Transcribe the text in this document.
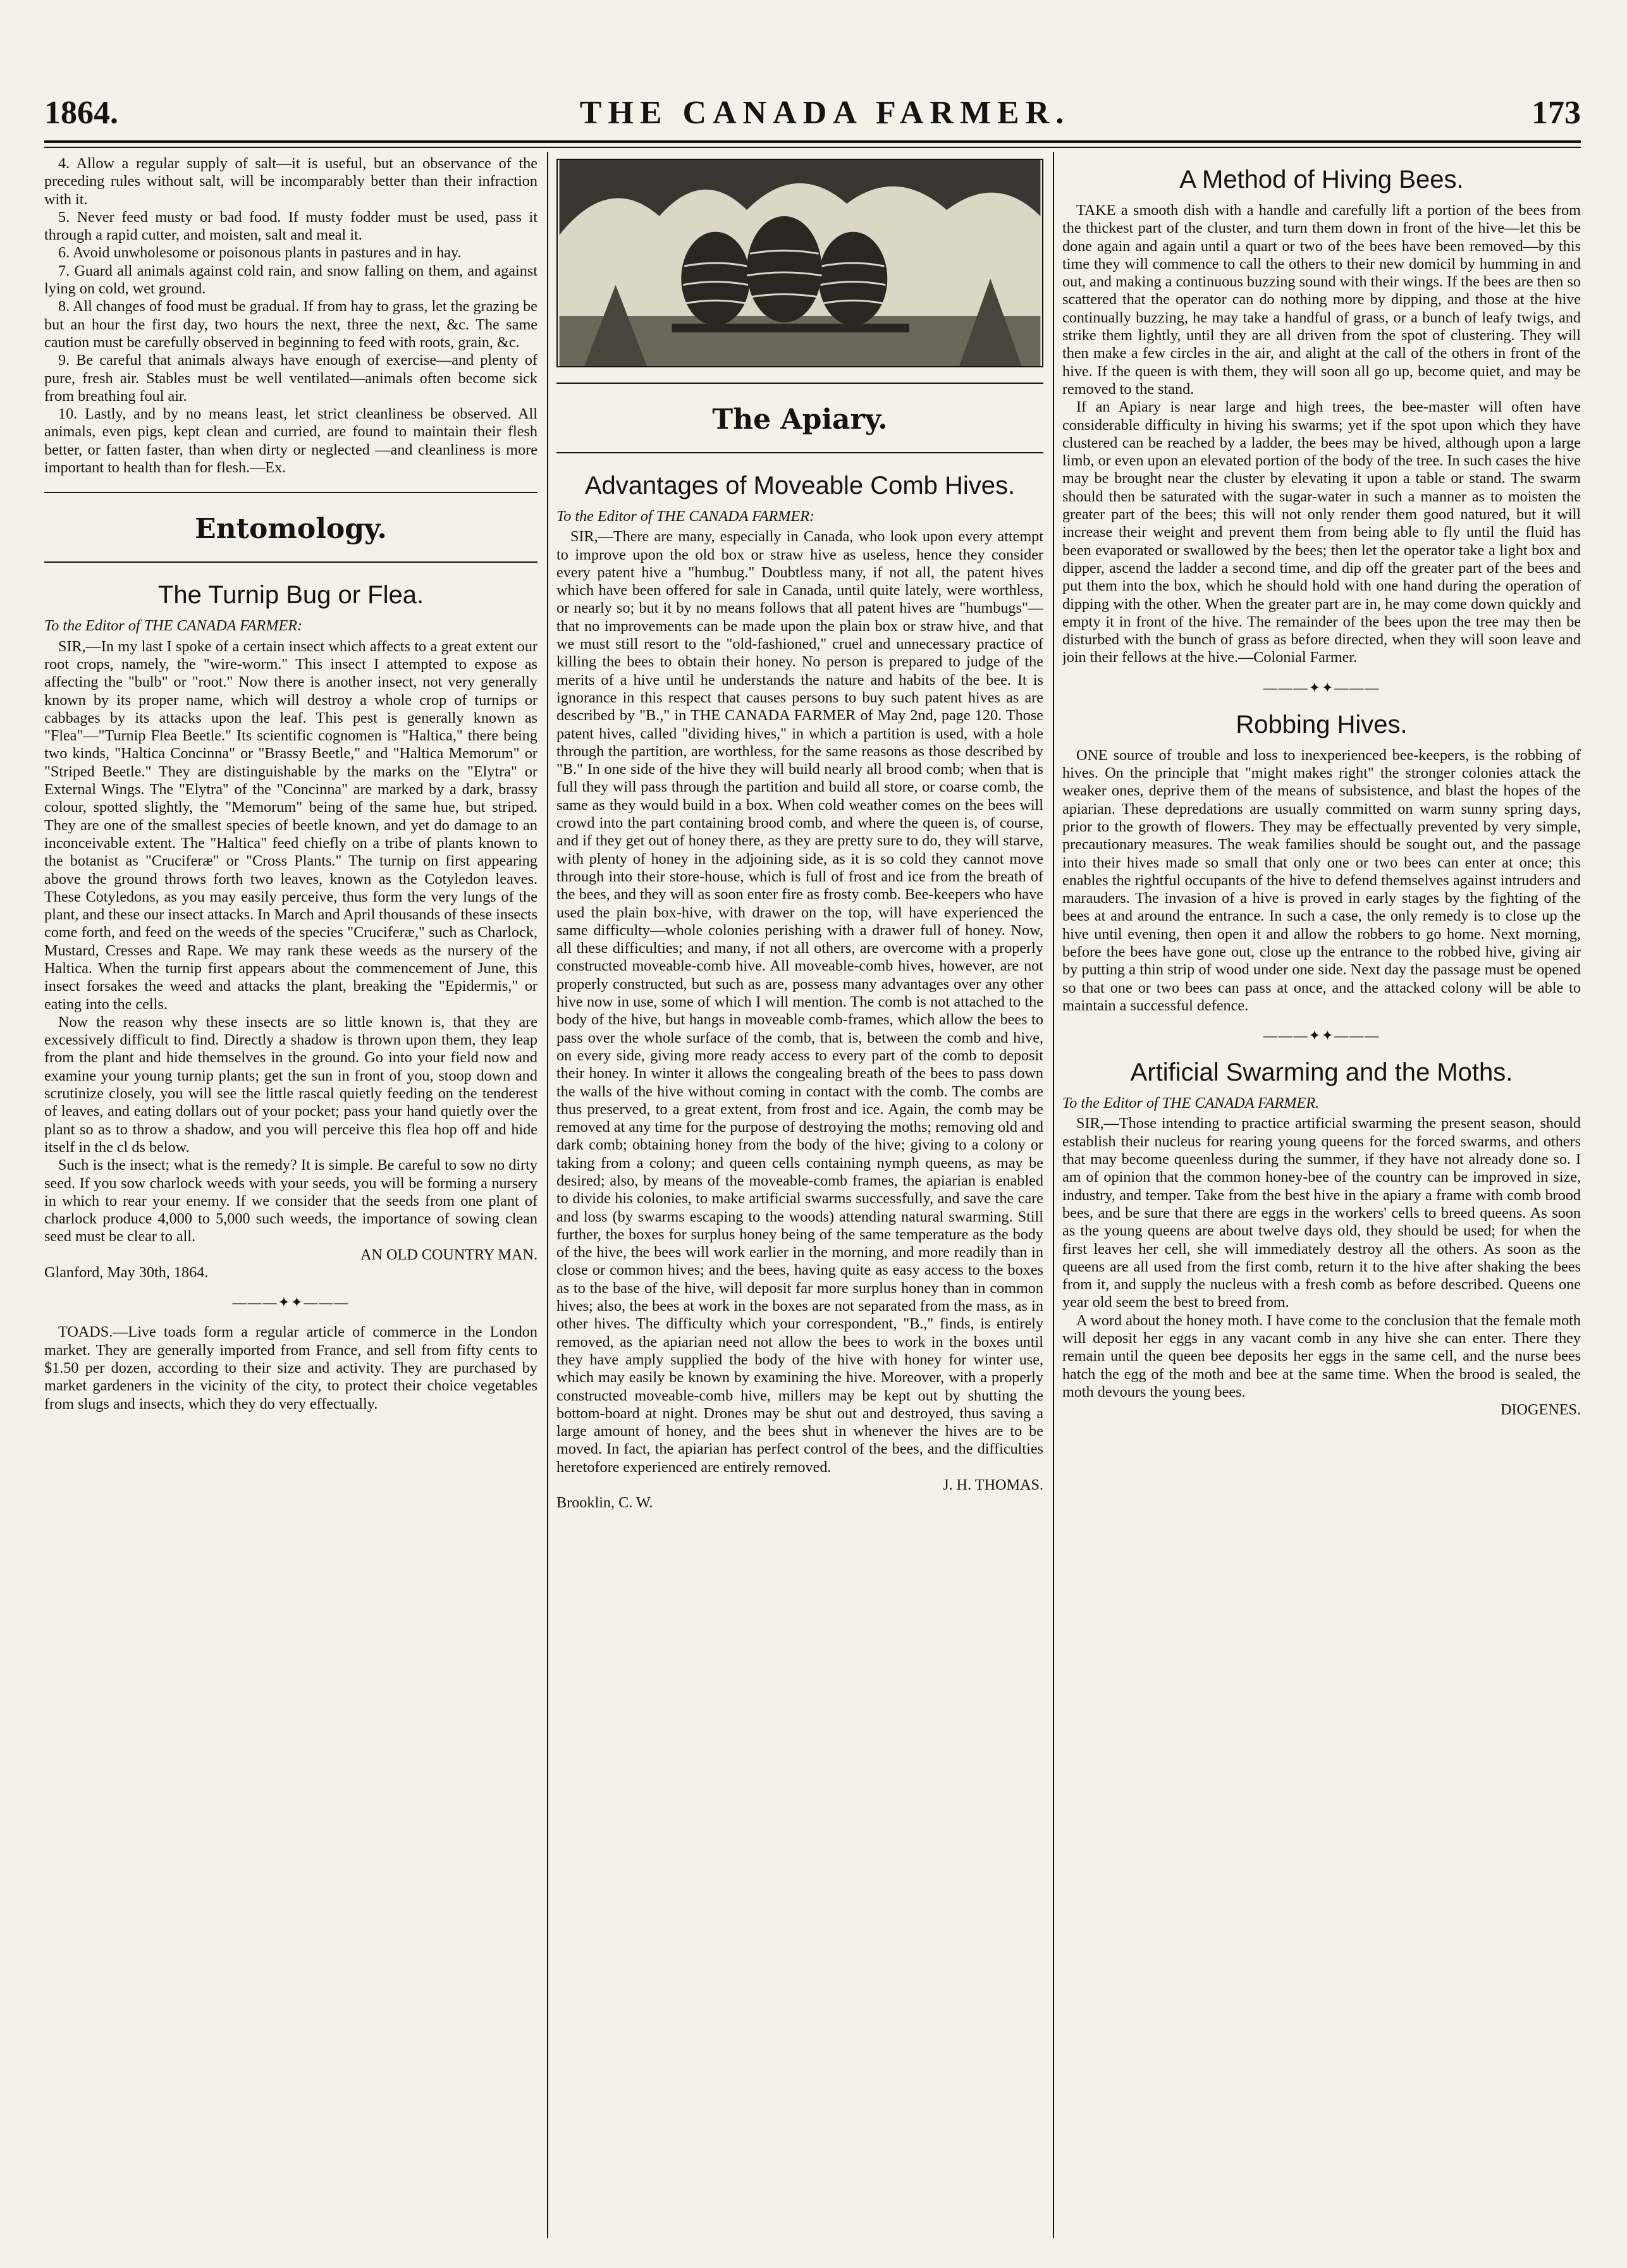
1864.	THE CANADA FARMER.	173

4. Allow a regular supply of salt—it is useful, but an observance of the preceding rules without salt, will be incomparably better than their infraction with it.

5. Never feed musty or bad food. If musty fodder must be used, pass it through a rapid cutter, and moisten, salt and meal it.

6. Avoid unwholesome or poisonous plants in pastures and in hay.

7. Guard all animals against cold rain, and snow falling on them, and against lying on cold, wet ground.

8. All changes of food must be gradual. If from hay to grass, let the grazing be but an hour the first day, two hours the next, three the next, &c. The same caution must be carefully observed in beginning to feed with roots, grain, &c.

9. Be careful that animals always have enough of exercise—and plenty of pure, fresh air. Stables must be well ventilated—animals often become sick from breathing foul air.

10. Lastly, and by no means least, let strict cleanliness be observed. All animals, even pigs, kept clean and curried, are found to maintain their flesh better, or fatten faster, than when dirty or neglected —and cleanliness is more important to health than for flesh.—Ex.

Entomology.
The Turnip Bug or Flea.

To the Editor of THE CANADA FARMER:

SIR,—In my last I spoke of a certain insect which affects to a great extent our root crops, namely, the "wire-worm." This insect I attempted to expose as affecting the "bulb" or "root." Now there is another insect, not very generally known by its proper name, which will destroy a whole crop of turnips or cabbages by its attacks upon the leaf. This pest is generally known as "Flea"—"Turnip Flea Beetle." Its scientific cognomen is "Haltica," there being two kinds, "Haltica Concinna" or "Brassy Beetle," and "Haltica Memorum" or "Striped Beetle." They are distinguishable by the marks on the "Elytra" or External Wings. The "Elytra" of the "Concinna" are marked by a dark, brassy colour, spotted slightly, the "Memorum" being of the same hue, but striped. They are one of the smallest species of beetle known, and yet do damage to an inconceivable extent. The "Haltica" feed chiefly on a tribe of plants known to the botanist as "Cruciferæ" or "Cross Plants." The turnip on first appearing above the ground throws forth two leaves, known as the Cotyledon leaves. These Cotyledons, as you may easily perceive, thus form the very lungs of the plant, and these our insect attacks. In March and April thousands of these insects come forth, and feed on the weeds of the species "Cruciferæ," such as Charlock, Mustard, Cresses and Rape. We may rank these weeds as the nursery of the Haltica. When the turnip first appears about the commencement of June, this insect forsakes the weed and attacks the plant, breaking the "Epidermis," or eating into the cells.

Now the reason why these insects are so little known is, that they are excessively difficult to find. Directly a shadow is thrown upon them, they leap from the plant and hide themselves in the ground. Go into your field now and examine your young turnip plants; get the sun in front of you, stoop down and scrutinize closely, you will see the little rascal quietly feeding on the tenderest of leaves, and eating dollars out of your pocket; pass your hand quietly over the plant so as to throw a shadow, and you will perceive this flea hop off and hide itself in the cl ds below.

Such is the insect; what is the remedy? It is simple. Be careful to sow no dirty seed. If you sow charlock weeds with your seeds, you will be forming a nursery in which to rear your enemy. If we consider that the seeds from one plant of charlock produce 4,000 to 5,000 such weeds, the importance of sowing clean seed must be clear to all.

AN OLD COUNTRY MAN.

Glanford, May 30th, 1864.

———✦✦———

TOADS.—Live toads form a regular article of commerce in the London market. They are generally imported from France, and sell from fifty cents to $1.50 per dozen, according to their size and activity. They are purchased by market gardeners in the vicinity of the city, to protect their choice vegetables from slugs and insects, which they do very effectually.

The Apiary.
Advantages of Moveable Comb Hives.

To the Editor of THE CANADA FARMER:

SIR,—There are many, especially in Canada, who look upon every attempt to improve upon the old box or straw hive as useless, hence they consider every patent hive a "humbug." Doubtless many, if not all, the patent hives which have been offered for sale in Canada, until quite lately, were worthless, or nearly so; but it by no means follows that all patent hives are "humbugs"—that no improvements can be made upon the plain box or straw hive, and that we must still resort to the "old-fashioned," cruel and unnecessary practice of killing the bees to obtain their honey. No person is prepared to judge of the merits of a hive until he understands the nature and habits of the bee. It is ignorance in this respect that causes persons to buy such patent hives as are described by "B.," in THE CANADA FARMER of May 2nd, page 120. Those patent hives, called "dividing hives," in which a partition is used, with a hole through the partition, are worthless, for the same reasons as those described by "B." In one side of the hive they will build nearly all brood comb; when that is full they will pass through the partition and build all store, or coarse comb, the same as they would build in a box. When cold weather comes on the bees will crowd into the part containing brood comb, and where the queen is, of course, and if they get out of honey there, as they are pretty sure to do, they will starve, with plenty of honey in the adjoining side, as it is so cold they cannot move through into their store-house, which is full of frost and ice from the breath of the bees, and they will as soon enter fire as frosty comb. Bee-keepers who have used the plain box-hive, with drawer on the top, will have experienced the same difficulty—whole colonies perishing with a drawer full of honey. Now, all these difficulties; and many, if not all others, are overcome with a properly constructed moveable-comb hive. All moveable-comb hives, however, are not properly constructed, but such as are, possess many advantages over any other hive now in use, some of which I will mention. The comb is not attached to the body of the hive, but hangs in moveable comb-frames, which allow the bees to pass over the whole surface of the comb, that is, between the comb and hive, on every side, giving more ready access to every part of the comb to deposit their honey. In winter it allows the congealing breath of the bees to pass down the walls of the hive without coming in contact with the comb. The combs are thus preserved, to a great extent, from frost and ice. Again, the comb may be removed at any time for the purpose of destroying the moths; removing old and dark comb; obtaining honey from the body of the hive; giving to a colony or taking from a colony; and queen cells containing nymph queens, as may be desired; also, by means of the moveable-comb frames, the apiarian is enabled to divide his colonies, to make artificial swarms successfully, and save the care and loss (by swarms escaping to the woods) attending natural swarming. Still further, the boxes for surplus honey being of the same temperature as the body of the hive, the bees will work earlier in the morning, and more readily than in close or common hives; and the bees, having quite as easy access to the boxes as to the base of the hive, will deposit far more surplus honey than in common hives; also, the bees at work in the boxes are not separated from the mass, as in other hives. The difficulty which your correspondent, "B.," finds, is entirely removed, as the apiarian need not allow the bees to work in the boxes until they have amply supplied the body of the hive with honey for winter use, which may easily be known by examining the hive. Moreover, with a properly constructed moveable-comb hive, millers may be kept out by shutting the bottom-board at night. Drones may be shut out and destroyed, thus saving a large amount of honey, and the bees shut in whenever the hives are to be moved. In fact, the apiarian has perfect control of the bees, and the difficulties heretofore experienced are entirely removed.

J. H. THOMAS.

Brooklin, C. W.

A Method of Hiving Bees.

TAKE a smooth dish with a handle and carefully lift a portion of the bees from the thickest part of the cluster, and turn them down in front of the hive—let this be done again and again until a quart or two of the bees have been removed—by this time they will commence to call the others to their new domicil by humming in and out, and making a continuous buzzing sound with their wings. If the bees are then so scattered that the operator can do nothing more by dipping, and those at the hive continually buzzing, he may take a handful of grass, or a bunch of leafy twigs, and strike them lightly, until they are all driven from the spot of clustering. They will then make a few circles in the air, and alight at the call of the others in front of the hive. If the queen is with them, they will soon all go up, become quiet, and may be removed to the stand.

If an Apiary is near large and high trees, the bee-master will often have considerable difficulty in hiving his swarms; yet if the spot upon which they have clustered can be reached by a ladder, the bees may be hived, although upon a large limb, or even upon an elevated portion of the body of the tree. In such cases the hive may be brought near the cluster by elevating it upon a table or stand. The swarm should then be saturated with the sugar-water in such a manner as to moisten the greater part of the bees; this will not only render them good natured, but it will increase their weight and prevent them from being able to fly until the fluid has been evaporated or swallowed by the bees; then let the operator take a light box and dipper, ascend the ladder a second time, and dip off the greater part of the bees and put them into the box, which he should hold with one hand during the operation of dipping with the other. When the greater part are in, he may come down quickly and empty it in front of the hive. The remainder of the bees upon the tree may then be disturbed with the bunch of grass as before directed, when they will soon leave and join their fellows at the hive.—Colonial Farmer.

———✦✦———
Robbing Hives.

ONE source of trouble and loss to inexperienced bee-keepers, is the robbing of hives. On the principle that "might makes right" the stronger colonies attack the weaker ones, deprive them of the means of subsistence, and blast the hopes of the apiarian. These depredations are usually committed on warm sunny spring days, prior to the growth of flowers. They may be effectually prevented by very simple, precautionary measures. The weak families should be sought out, and the passage into their hives made so small that only one or two bees can enter at once; this enables the rightful occupants of the hive to defend themselves against intruders and marauders. The invasion of a hive is proved in early stages by the fighting of the bees at and around the entrance. In such a case, the only remedy is to close up the hive until evening, then open it and allow the robbers to go home. Next morning, before the bees have gone out, close up the entrance to the robbed hive, giving air by putting a thin strip of wood under one side. Next day the passage must be opened so that one or two bees can pass at once, and the attacked colony will be able to maintain a successful defence.

———✦✦———
Artificial Swarming and the Moths.

To the Editor of THE CANADA FARMER.

SIR,—Those intending to practice artificial swarming the present season, should establish their nucleus for rearing young queens for the forced swarms, and others that may become queenless during the summer, if they have not already done so. I am of opinion that the common honey-bee of the country can be improved in size, industry, and temper. Take from the best hive in the apiary a frame with comb brood bees, and be sure that there are eggs in the workers' cells to breed queens. As soon as the young queens are about twelve days old, they should be used; for when the first leaves her cell, she will immediately destroy all the others. As soon as the queens are all used from the first comb, return it to the hive after shaking the bees from it, and supply the nucleus with a fresh comb as before described. Queens one year old seem the best to breed from.

A word about the honey moth. I have come to the conclusion that the female moth will deposit her eggs in any vacant comb in any hive she can enter. There they remain until the queen bee deposits her eggs in the same cell, and the nurse bees hatch the egg of the moth and bee at the same time. When the brood is sealed, the moth devours the young bees.

DIOGENES.
